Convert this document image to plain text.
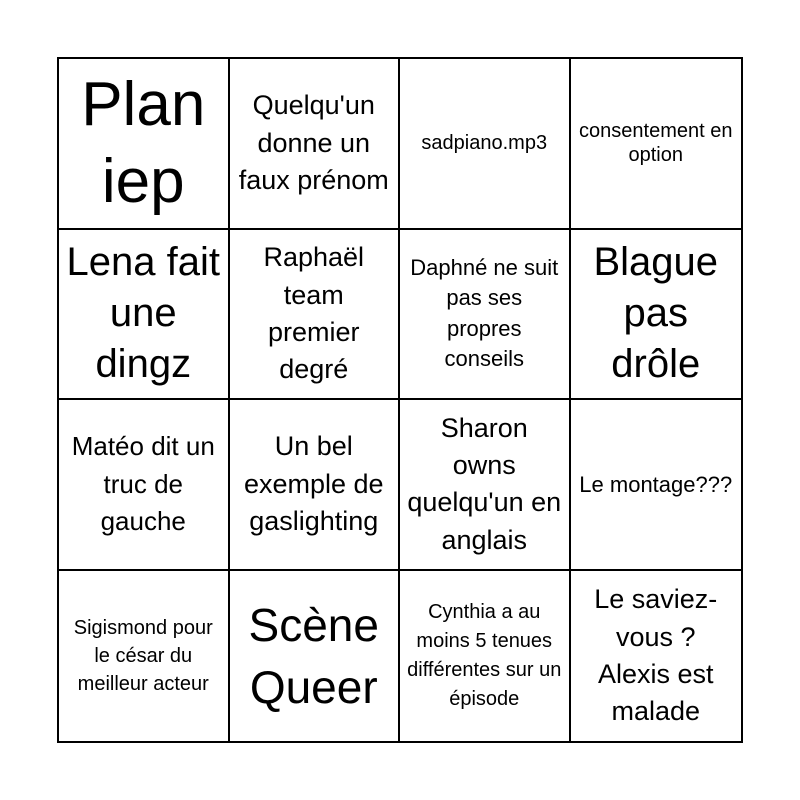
Plan iep
Quelqu'un donne un faux prénom
sadpiano.mp3
consentement en option
Lena fait une dingz
Raphaël team premier degré
Daphné ne suit pas ses propres conseils
Blague pas drôle
Matéo dit un truc de gauche
Un bel exemple de gaslighting
Sharon owns quelqu'un en anglais
Le montage???
Sigismond pour le césar du meilleur acteur
Scène Queer
Cynthia a au moins 5 tenues différentes sur un épisode
Le saviez-vous ? Alexis est malade
